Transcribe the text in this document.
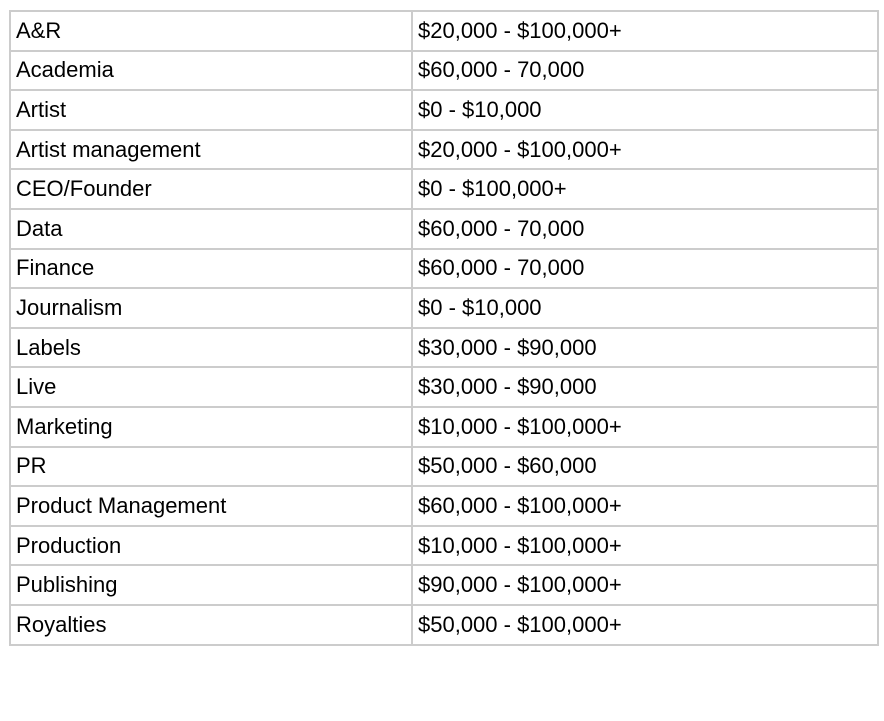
A&R	$20,000 - $100,000+
Academia	$60,000 - 70,000
Artist	$0 - $10,000
Artist management	$20,000 - $100,000+
CEO/Founder	$0 - $100,000+
Data	$60,000 - 70,000
Finance	$60,000 - 70,000
Journalism	$0 - $10,000
Labels	$30,000 - $90,000
Live	$30,000 - $90,000
Marketing	$10,000 - $100,000+
PR	$50,000 - $60,000
Product Management	$60,000 - $100,000+
Production	$10,000 - $100,000+
Publishing	$90,000 - $100,000+
Royalties	$50,000 - $100,000+
